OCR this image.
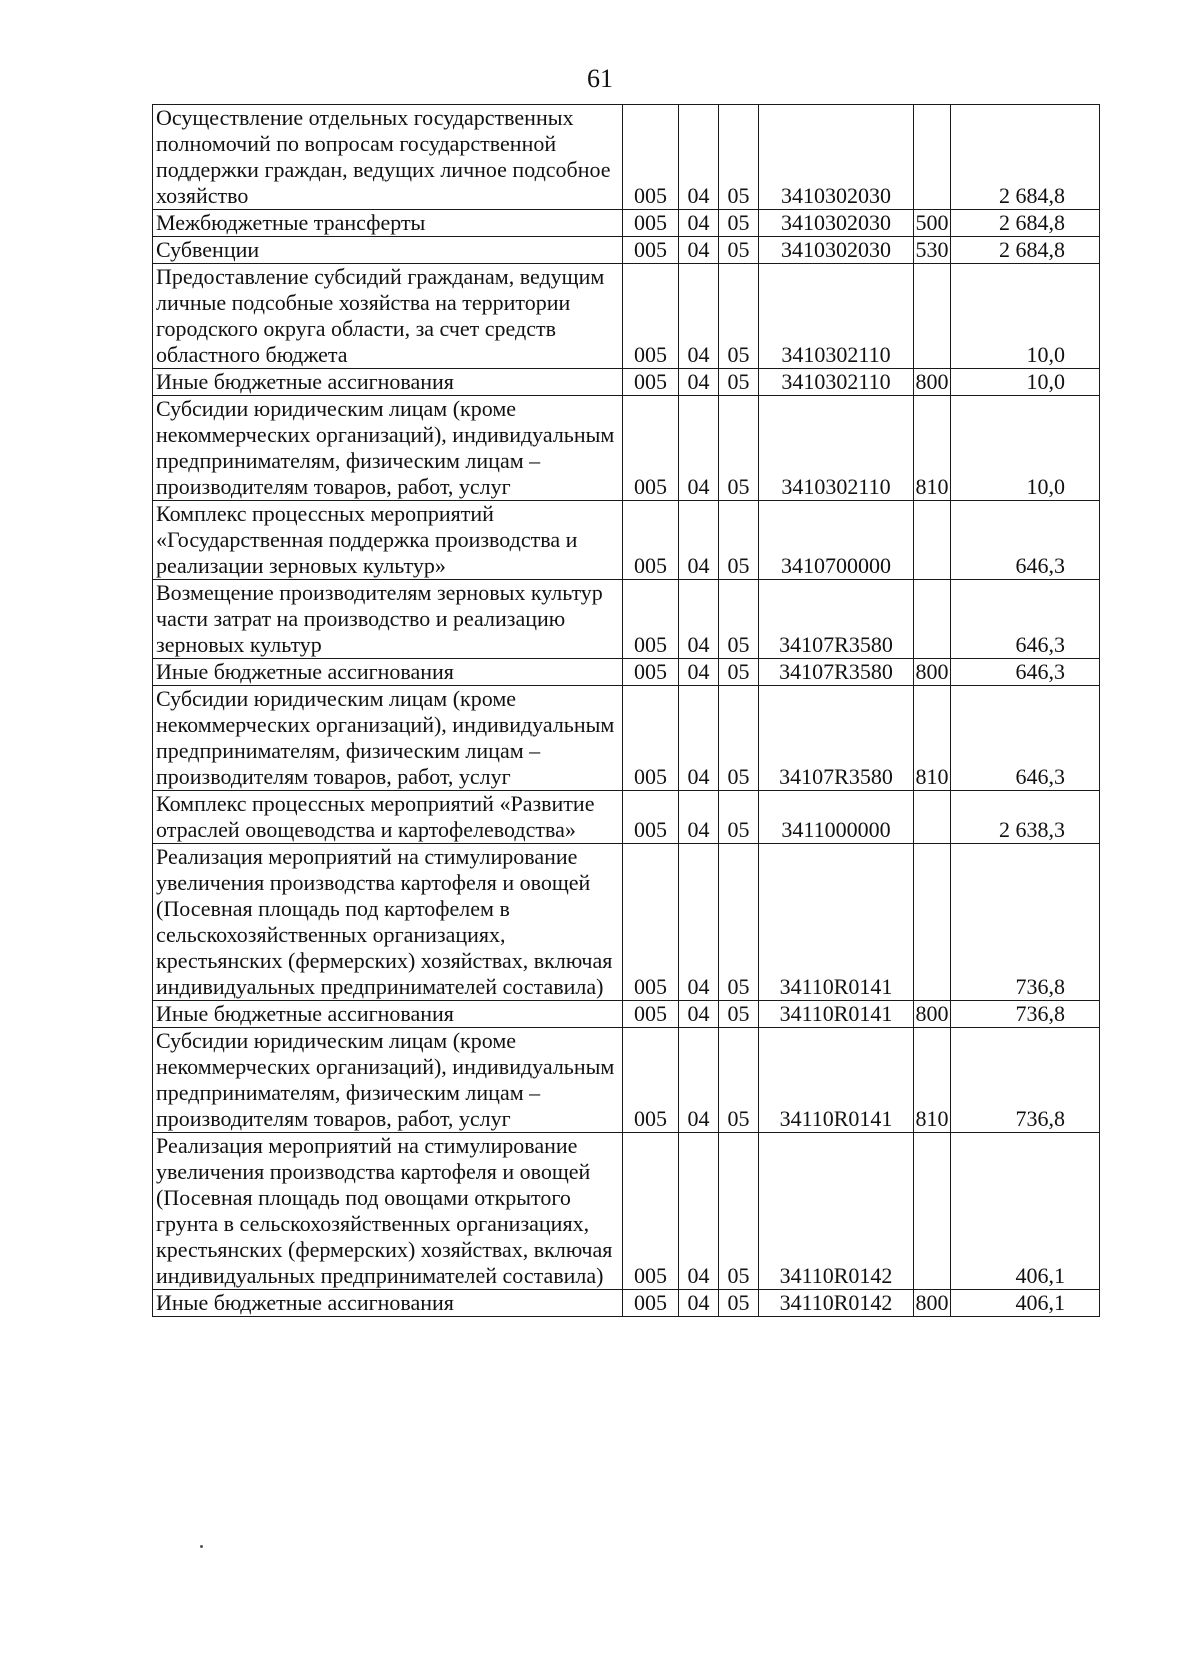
61
Осуществление отдельных государственных полномочий по вопросам государственной поддержки граждан, ведущих личное подсобное хозяйство	005	04	05	3410302030		2 684,8
Межбюджетные трансферты	005	04	05	3410302030	500	2 684,8
Субвенции	005	04	05	3410302030	530	2 684,8
Предоставление субсидий гражданам, ведущим личные подсобные хозяйства на территории городского округа области, за счет средств областного бюджета	005	04	05	3410302110		10,0
Иные бюджетные ассигнования	005	04	05	3410302110	800	10,0
Субсидии юридическим лицам (кроме некоммерческих организаций), индивидуальным предпринимателям, физическим лицам – производителям товаров, работ, услуг	005	04	05	3410302110	810	10,0
Комплекс процессных мероприятий «Государственная поддержка производства и реализации зерновых культур»	005	04	05	3410700000		646,3
Возмещение производителям зерновых культур части затрат на производство и реализацию зерновых культур	005	04	05	34107R3580		646,3
Иные бюджетные ассигнования	005	04	05	34107R3580	800	646,3
Субсидии юридическим лицам (кроме некоммерческих организаций), индивидуальным предпринимателям, физическим лицам – производителям товаров, работ, услуг	005	04	05	34107R3580	810	646,3
Комплекс процессных мероприятий «Развитие отраслей овощеводства и картофелеводства»	005	04	05	3411000000		2 638,3
Реализация мероприятий на стимулирование увеличения производства картофеля и овощей (Посевная площадь под картофелем в сельскохозяйственных организациях, крестьянских (фермерских) хозяйствах, включая индивидуальных предпринимателей составила)	005	04	05	34110R0141		736,8
Иные бюджетные ассигнования	005	04	05	34110R0141	800	736,8
Субсидии юридическим лицам (кроме некоммерческих организаций), индивидуальным предпринимателям, физическим лицам – производителям товаров, работ, услуг	005	04	05	34110R0141	810	736,8
Реализация мероприятий на стимулирование увеличения производства картофеля и овощей (Посевная площадь под овощами открытого грунта в сельскохозяйственных организациях, крестьянских (фермерских) хозяйствах, включая индивидуальных предпринимателей составила)	005	04	05	34110R0142		406,1
Иные бюджетные ассигнования	005	04	05	34110R0142	800	406,1
